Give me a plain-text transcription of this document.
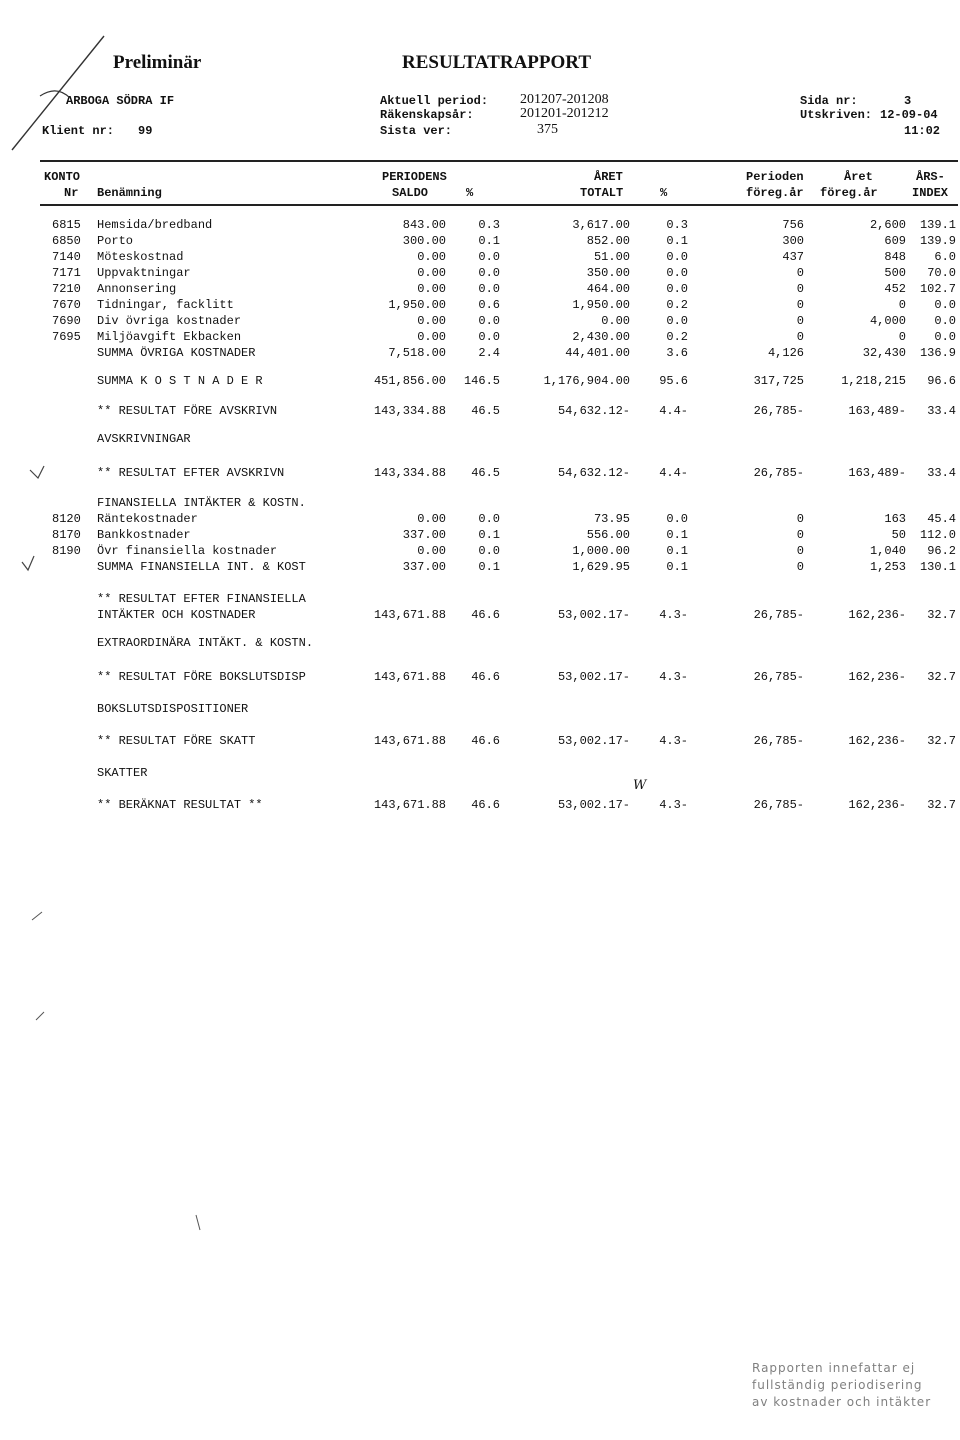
Preliminär	RESULTATRAPPORT
ARBOGA SÖDRA IF
Klient nr: 99
Aktuell period: 201207-201208
Räkenskapsår:	201201-201212
Sista ver:	375
Sida nr:	3
Utskriven: 12-09-04
11:02
KONTO
Nr Benämning
PERIODENS
SALDO	%
ÅRET
TOTALT	%
Perioden
föreg.år
Året
föreg.år
ÅRS-
INDEX
6815 Hemsida/bredband	843.00	0.3	3,617.00	0.3	756	2,600	139.1
6850 Porto	300.00	0.1	852.00	0.1	300	609	139.9
7140 Möteskostnad	0.00	0.0	51.00	0.0	437	848	6.0
7171 Uppvaktningar	0.00	0.0	350.00	0.0	0	500	70.0
7210 Annonsering	0.00	0.0	464.00	0.0	0	452	102.7
7670 Tidningar, facklitt	1,950.00	0.6	1,950.00	0.2	0	0	0.0
7690 Div övriga kostnader	0.00	0.0	0.00	0.0	0	4,000	0.0
7695 Miljöavgift Ekbacken	0.00	0.0	2,430.00	0.2	0	0	0.0
SUMMA ÖVRIGA KOSTNADER	7,518.00	2.4	44,401.00	3.6	4,126	32,430	136.9
SUMMA K O S T N A D E R	451,856.00	146.5	1,176,904.00	95.6	317,725	1,218,215	96.6
** RESULTAT FÖRE AVSKRIVN	143,334.88	46.5	54,632.12-	4.4-	26,785-	163,489-	33.4
AVSKRIVNINGAR
** RESULTAT EFTER AVSKRIVN	143,334.88	46.5	54,632.12-	4.4-	26,785-	163,489-	33.4
FINANSIELLA INTÄKTER & KOSTN.
8120 Räntekostnader	0.00	0.0	73.95	0.0	0	163	45.4
8170 Bankkostnader	337.00	0.1	556.00	0.1	0	50	112.0
8190 Övr finansiella kostnader	0.00	0.0	1,000.00	0.1	0	1,040	96.2
SUMMA FINANSIELLA INT. & KOST	337.00	0.1	1,629.95	0.1	0	1,253	130.1
** RESULTAT EFTER FINANSIELLA
INTÄKTER OCH KOSTNADER	143,671.88	46.6	53,002.17-	4.3-	26,785-	162,236-	32.7
EXTRAORDINÄRA INTÄKT. & KOSTN.
** RESULTAT FÖRE BOKSLUTSDISP	143,671.88	46.6	53,002.17-	4.3-	26,785-	162,236-	32.7
BOKSLUTSDISPOSITIONER
** RESULTAT FÖRE SKATT	143,671.88	46.6	53,002.17-	4.3-	26,785-	162,236-	32.7
SKATTER
** BERÄKNAT RESULTAT **	143,671.88	46.6	53,002.17-	4.3-	26,785-	162,236-	32.7
W
Rapporten innefattar ej
fullständig periodisering
av kostnader och intäkter
